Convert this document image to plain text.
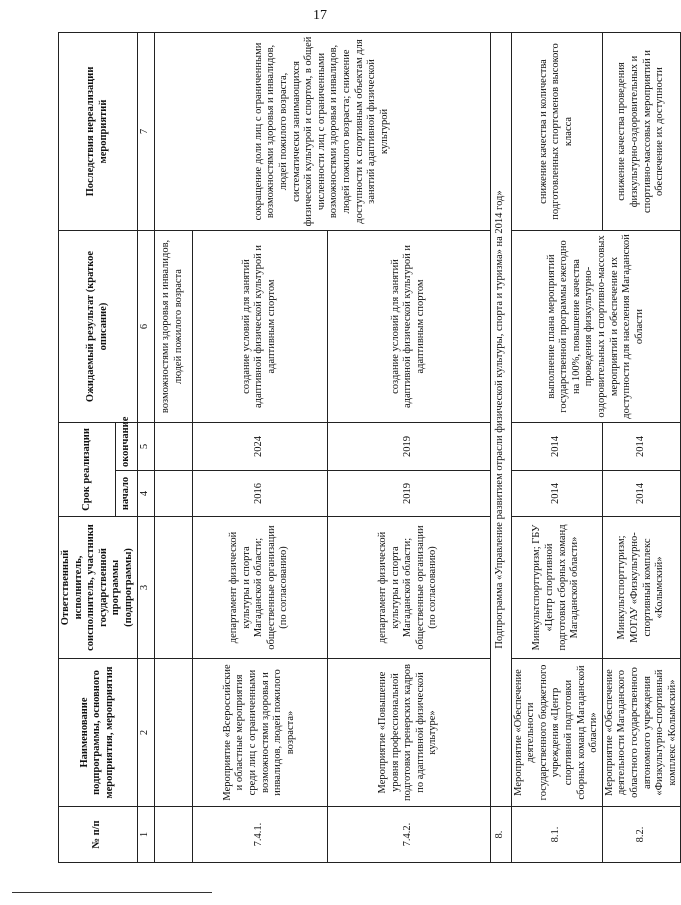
17
№ п/п	Наименование подпрограммы, основного мероприятия, мероприятия	Ответственный исполнитель, соисполнитель, участники государственной программы (подпрограммы)	Срок реализации		Ожидаемый результат (краткое описание)	Последствия нереализации мероприятий
			начало	окончание		
1	2	3	4	5	6	7
					возможностями здоровья и инвалидов, людей пожилого возраста	сокращение доли лиц с ограниченными возможностями здоровья и инвалидов, людей пожилого возраста, систематически занимающихся физической культурой и спортом, в общей численности лиц с ограниченными возможностями здоровья и инвалидов, людей пожилого возраста; снижение доступности к спортивным объектам для занятий адаптивной физической культурой
7.4.1.	Мероприятие «Всероссийские и областные мероприятия среди лиц с ограниченными возможностями здоровья и инвалидов, людей пожилого возраста»	департамент физической культуры и спорта Магаданской области; общественные организации (по согласованию)	2016	2024	создание условий для занятий адаптивной физической культурой и адаптивным спортом	
7.4.2.	Мероприятие «Повышение уровня профессиональной подготовки тренерских кадров по адаптивной физической культуре»	департамент физической культуры и спорта Магаданской области; общественные организации (по согласованию)	2019	2019	создание условий для занятий адаптивной физической культурой и адаптивным спортом	
8.	Подпрограмма «Управление развитием отрасли физической культуры, спорта и туризма» на 2014 год»					
8.1.	Мероприятие «Обеспечение деятельности государственного бюджетного учреждения «Центр спортивной подготовки сборных команд Магаданской области»	Минкультспорттуризм; ГБУ «Центр спортивной подготовки сборных команд Магаданской области»	2014	2014	выполнение плана мероприятий государственной программы ежегодно на 100%, повышение качества проведения физкультурно-оздоровительных и спортивно-массовых мероприятий и обеспечение их доступности для населения Магаданской области	снижение качества и количества подготовленных спортсменов высокого класса
8.2.	Мероприятие «Обеспечение деятельности Магаданского областного государственного автономного учреждения «Физкультурно-спортивный комплекс «Колымский»	Минкультспорттуризм; МОГАУ «Физкультурно-спортивный комплекс «Колымский»	2014	2014		снижение качества проведения физкультурно-оздоровительных и спортивно-массовых мероприятий и обеспечение их доступности
